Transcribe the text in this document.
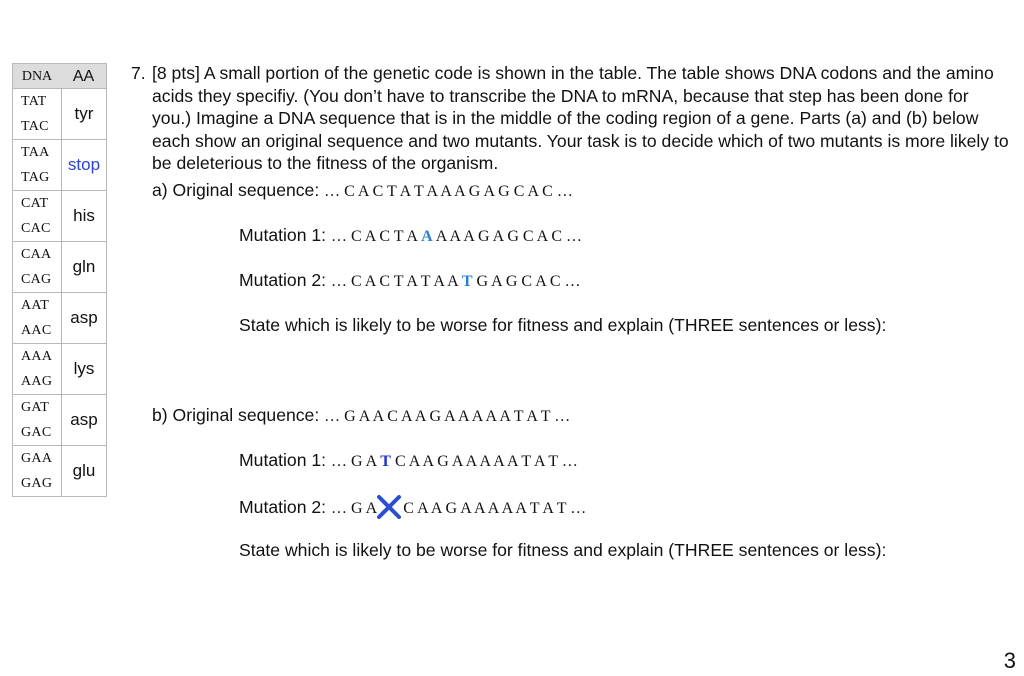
DNA	AA
TAT
TAC
tyr
TAA
TAG
stop
CAT
CAC
his
CAA
CAG
gln
AAT
AAC
asp
AAA
AAG
lys
GAT
GAC
asp
GAA
GAG
glu
7. [8 pts] A small portion of the genetic code is shown in the table. The table shows DNA codons and the amino acids they specifiy. (You don’t have to transcribe the DNA to mRNA, because that step has been done for you.) Imagine a DNA sequence that is in the middle of the coding region of a gene. Parts (a) and (b) below each show an original sequence and two mutants. Your task is to decide which of two mutants is more likely to be deleterious to the fitness of the organism.
a) Original sequence: … C A C T A T A A A G A G C A C …
Mutation 1: … C A C T A A A A A G A G C A C …
Mutation 2: … C A C T A T A A T G A G C A C …
State which is likely to be worse for fitness and explain (THREE sentences or less):
b) Original sequence: … G A A C A A G A A A A A T A T …
Mutation 1: … G A T C A A G A A A A A T A T …
Mutation 2: … G A C A A G A A A A A T A T …
State which is likely to be worse for fitness and explain (THREE sentences or less):
3
